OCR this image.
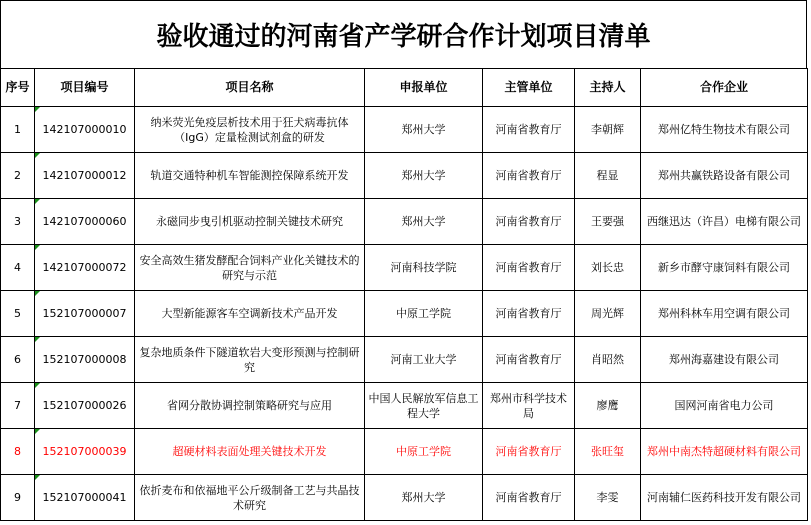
验收通过的河南省产学研合作计划项目清单
序号	项目编号	项目名称	申报单位	主管单位	主持人	合作企业
1	142107000010	纳米荧光免疫层析技术用于狂犬病毒抗体（IgG）定量检测试剂盒的研发	郑州大学	河南省教育厅	李朝辉	郑州亿特生物技术有限公司
2	142107000012	轨道交通特种机车智能测控保障系统开发	郑州大学	河南省教育厅	程显	郑州共赢铁路设备有限公司
3	142107000060	永磁同步曳引机驱动控制关键技术研究	郑州大学	河南省教育厅	王要强	西继迅达（许昌）电梯有限公司
4	142107000072	安全高效生猪发酵配合饲料产业化关键技术的研究与示范	河南科技学院	河南省教育厅	刘长忠	新乡市酵守康饲料有限公司
5	152107000007	大型新能源客车空调新技术产品开发	中原工学院	河南省教育厅	周光辉	郑州科林车用空调有限公司
6	152107000008	复杂地质条件下隧道软岩大变形预测与控制研究	河南工业大学	河南省教育厅	肖昭然	郑州海嘉建设有限公司
7	152107000026	省网分散协调控制策略研究与应用	中国人民解放军信息工程大学	郑州市科学技术局	廖鹰	国网河南省电力公司
8	152107000039	超硬材料表面处理关键技术开发	中原工学院	河南省教育厅	张旺玺	郑州中南杰特超硬材料有限公司
9	152107000041	依折麦布和依福地平公斤级制备工艺与共晶技术研究	郑州大学	河南省教育厅	李雯	河南辅仁医药科技开发有限公司
